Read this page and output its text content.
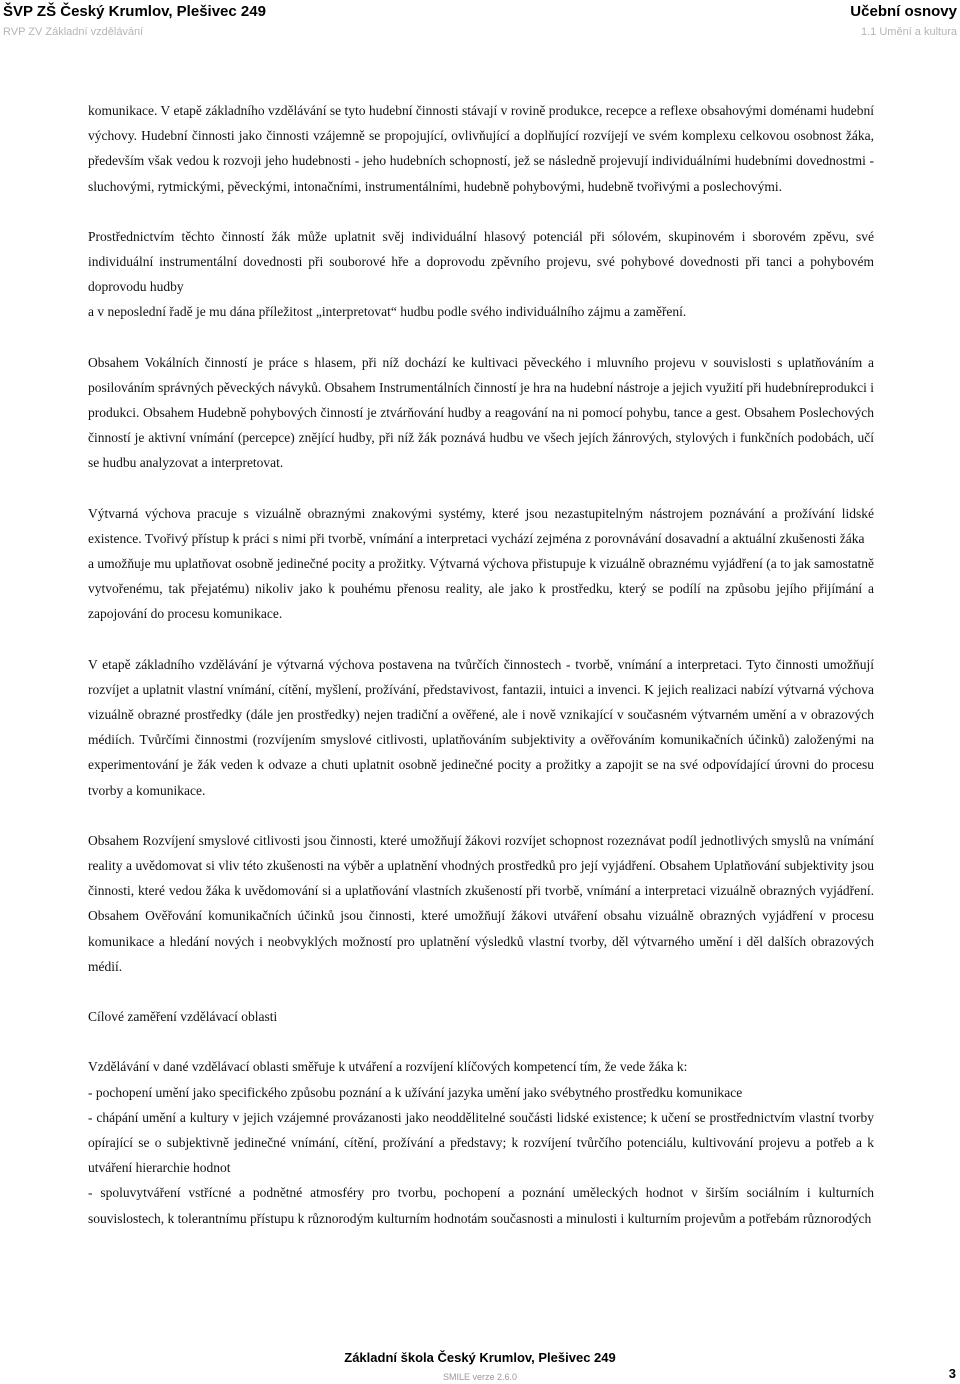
ŠVP ZŠ Český Krumlov, Plešivec 249
RVP ZV Základní vzdělávání
Učební osnovy
1.1 Umění a kultura

komunikace. V etapě základního vzdělávání se tyto hudební činnosti stávají v rovině produkce, recepce a reflexe obsahovými doménami hudební výchovy. Hudební činnosti jako činnosti vzájemně se propojující, ovlivňující a doplňující rozvíjejí ve svém komplexu celkovou osobnost žáka, především však vedou k rozvoji jeho hudebnosti - jeho hudebních schopností, jež se následně projevují individuálními hudebními dovednostmi - sluchovými, rytmickými, pěveckými, intonačními, instrumentálními, hudebně pohybovými, hudebně tvořivými a poslechovými.

Prostřednictvím těchto činností žák může uplatnit svěj individuální hlasový potenciál při sólovém, skupinovém i sborovém zpěvu, své individuální instrumentální dovednosti při souborové hře a doprovodu zpěvního projevu, své pohybové dovednosti při tanci a pohybovém doprovodu hudby

a v neposlední řadě je mu dána příležitost „interpretovat“ hudbu podle svého individuálního zájmu a zaměření.

Obsahem Vokálních činností je práce s hlasem, při níž dochází ke kultivaci pěveckého i mluvního projevu v souvislosti s uplatňováním a posilováním správných pěveckých návyků. Obsahem Instrumentálních činností je hra na hudební nástroje a jejich využití při hudebníreprodukci i produkci. Obsahem Hudebně pohybových činností je ztvárňování hudby a reagování na ni pomocí pohybu, tance a gest. Obsahem Poslechových činností je aktivní vnímání (percepce) znějící hudby, při níž žák poznává hudbu ve všech jejích žánrových, stylových i funkčních podobách, učí se hudbu analyzovat a interpretovat.

Výtvarná výchova pracuje s vizuálně obraznými znakovými systémy, které jsou nezastupitelným nástrojem poznávání a prožívání lidské existence. Tvořivý přístup k práci s nimi při tvorbě, vnímání a interpretaci vychází zejména z porovnávání dosavadní a aktuální zkušenosti žáka

a umožňuje mu uplatňovat osobně jedinečné pocity a prožitky. Výtvarná výchova přistupuje k vizuálně obraznému vyjádření (a to jak samostatně vytvořenému, tak přejatému) nikoliv jako k pouhému přenosu reality, ale jako k prostředku, který se podílí na způsobu jejího přijímání a zapojování do procesu komunikace.

V etapě základního vzdělávání je výtvarná výchova postavena na tvůrčích činnostech - tvorbě, vnímání a interpretaci. Tyto činnosti umožňují rozvíjet a uplatnit vlastní vnímání, cítění, myšlení, prožívání, představivost, fantazii, intuici a invenci. K jejich realizaci nabízí výtvarná výchova vizuálně obrazné prostředky (dále jen prostředky) nejen tradiční a ověřené, ale i nově vznikající v současném výtvarném umění a v obrazových médiích. Tvůrčími činnostmi (rozvíjením smyslové citlivosti, uplatňováním subjektivity a ověřováním komunikačních účinků) založenými na experimentování je žák veden k odvaze a chuti uplatnit osobně jedinečné pocity a prožitky a zapojit se na své odpovídající úrovni do procesu tvorby a komunikace.

Obsahem Rozvíjení smyslové citlivosti jsou činnosti, které umožňují žákovi rozvíjet schopnost rozeznávat podíl jednotlivých smyslů na vnímání reality a uvědomovat si vliv této zkušenosti na výběr a uplatnění vhodných prostředků pro její vyjádření. Obsahem Uplatňování subjektivity jsou činnosti, které vedou žáka k uvědomování si a uplatňování vlastních zkušeností při tvorbě, vnímání a interpretaci vizuálně obrazných vyjádření. Obsahem Ověřování komunikačních účinků jsou činnosti, které umožňují žákovi utváření obsahu vizuálně obrazných vyjádření v procesu komunikace a hledání nových i neobvyklých možností pro uplatnění výsledků vlastní tvorby, děl výtvarného umění i děl dalších obrazových médií.

Cílové zaměření vzdělávací oblasti

Vzdělávání v dané vzdělávací oblasti směřuje k utváření a rozvíjení klíčových kompetencí tím, že vede žáka k:

- pochopení umění jako specifického způsobu poznání a k užívání jazyka umění jako svébytného prostředku komunikace

- chápání umění a kultury v jejich vzájemné provázanosti jako neoddělitelné součásti lidské existence; k učení se prostřednictvím vlastní tvorby opírající se o subjektivně jedinečné vnímání, cítění, prožívání a představy; k rozvíjení tvůrčího potenciálu, kultivování projevu a potřeb a k utváření hierarchie hodnot

- spoluvytváření vstřícné a podnětné atmosféry pro tvorbu, pochopení a poznání uměleckých hodnot v širším sociálním i kulturních souvislostech, k tolerantnímu přístupu k různorodým kulturním hodnotám současnosti a minulosti i kulturním projevům a potřebám různorodých

Základní škola Český Krumlov, Plešivec 249
SMILE verze 2.6.0	3
